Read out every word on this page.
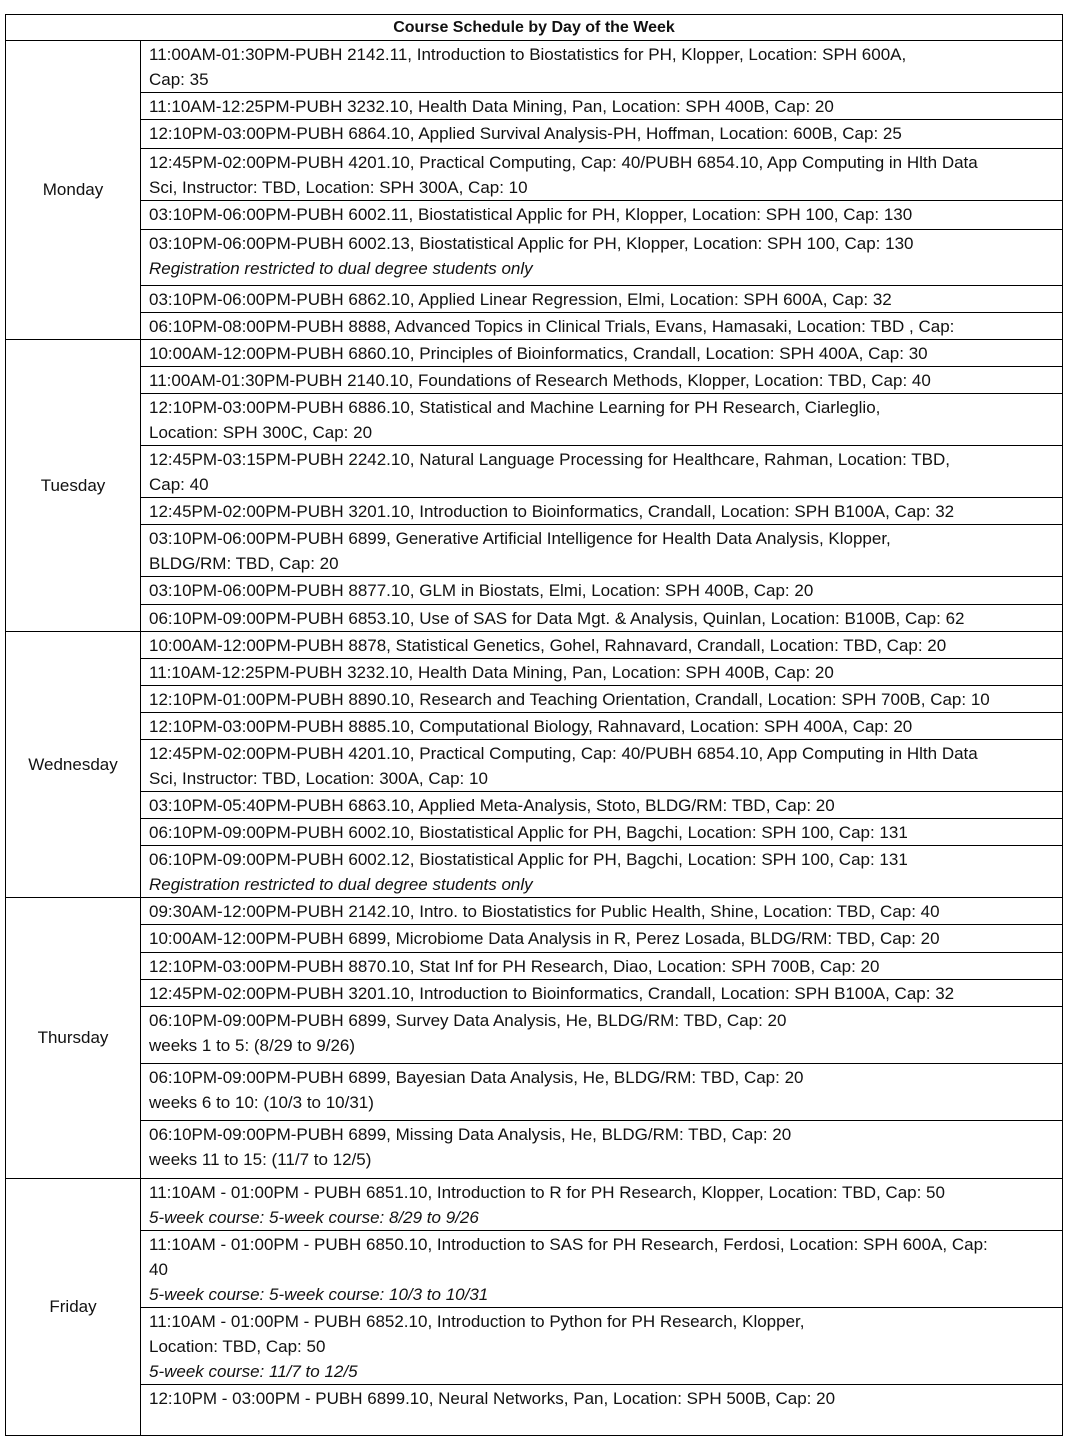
Course Schedule by Day of the Week	
Monday	11:00AM-01:30PM-PUBH 2142.11, Introduction to Biostatistics for PH, Klopper, Location: SPH 600A,
Cap: 35

	11:10AM-12:25PM-PUBH 3232.10, Health Data Mining, Pan, Location: SPH 400B, Cap: 20

	12:10PM-03:00PM-PUBH 6864.10, Applied Survival Analysis-PH, Hoffman, Location: 600B, Cap: 25

	12:45PM-02:00PM-PUBH 4201.10, Practical Computing, Cap: 40/PUBH 6854.10, App Computing in Hlth Data
Sci, Instructor: TBD, Location: SPH 300A, Cap: 10

	03:10PM-06:00PM-PUBH 6002.11, Biostatistical Applic for PH, Klopper, Location: SPH 100, Cap: 130

	03:10PM-06:00PM-PUBH 6002.13, Biostatistical Applic for PH, Klopper, Location: SPH 100, Cap: 130
Registration restricted to dual degree students only

	03:10PM-06:00PM-PUBH 6862.10, Applied Linear Regression, Elmi, Location: SPH 600A, Cap: 32

	06:10PM-08:00PM-PUBH 8888, Advanced Topics in Clinical Trials, Evans, Hamasaki, Location: TBD , Cap:

Tuesday	10:00AM-12:00PM-PUBH 6860.10, Principles of Bioinformatics, Crandall, Location: SPH 400A, Cap: 30

	11:00AM-01:30PM-PUBH 2140.10, Foundations of Research Methods, Klopper, Location: TBD, Cap: 40

	12:10PM-03:00PM-PUBH 6886.10, Statistical and Machine Learning for PH Research, Ciarleglio,
Location: SPH 300C, Cap: 20

	12:45PM-03:15PM-PUBH 2242.10, Natural Language Processing for Healthcare, Rahman, Location: TBD,
Cap: 40

	12:45PM-02:00PM-PUBH 3201.10, Introduction to Bioinformatics, Crandall, Location: SPH B100A, Cap: 32

	03:10PM-06:00PM-PUBH 6899, Generative Artificial Intelligence for Health Data Analysis, Klopper,
BLDG/RM: TBD, Cap: 20

	03:10PM-06:00PM-PUBH 8877.10, GLM in Biostats, Elmi, Location: SPH 400B, Cap: 20

	06:10PM-09:00PM-PUBH 6853.10, Use of SAS for Data Mgt. & Analysis, Quinlan, Location: B100B, Cap: 62

Wednesday	10:00AM-12:00PM-PUBH 8878, Statistical Genetics, Gohel, Rahnavard, Crandall, Location: TBD, Cap: 20

	11:10AM-12:25PM-PUBH 3232.10, Health Data Mining, Pan, Location: SPH 400B, Cap: 20

	12:10PM-01:00PM-PUBH 8890.10, Research and Teaching Orientation, Crandall, Location: SPH 700B, Cap: 10

	12:10PM-03:00PM-PUBH 8885.10, Computational Biology, Rahnavard, Location: SPH 400A, Cap: 20

	12:45PM-02:00PM-PUBH 4201.10, Practical Computing, Cap: 40/PUBH 6854.10, App Computing in Hlth Data
Sci, Instructor: TBD, Location: 300A, Cap: 10

	03:10PM-05:40PM-PUBH 6863.10, Applied Meta-Analysis, Stoto, BLDG/RM: TBD, Cap: 20

	06:10PM-09:00PM-PUBH 6002.10, Biostatistical Applic for PH, Bagchi, Location: SPH 100, Cap: 131

	06:10PM-09:00PM-PUBH 6002.12, Biostatistical Applic for PH, Bagchi, Location: SPH 100, Cap: 131
Registration restricted to dual degree students only

Thursday	09:30AM-12:00PM-PUBH 2142.10, Intro. to Biostatistics for Public Health, Shine, Location: TBD, Cap: 40

	10:00AM-12:00PM-PUBH 6899, Microbiome Data Analysis in R, Perez Losada, BLDG/RM: TBD, Cap: 20

	12:10PM-03:00PM-PUBH 8870.10, Stat Inf for PH Research, Diao, Location: SPH 700B, Cap: 20

	12:45PM-02:00PM-PUBH 3201.10, Introduction to Bioinformatics, Crandall, Location: SPH B100A, Cap: 32

	06:10PM-09:00PM-PUBH 6899, Survey Data Analysis, He, BLDG/RM: TBD, Cap: 20
weeks 1 to 5: (8/29 to 9/26)

	06:10PM-09:00PM-PUBH 6899, Bayesian Data Analysis, He, BLDG/RM: TBD, Cap: 20
weeks 6 to 10: (10/3 to 10/31)

	06:10PM-09:00PM-PUBH 6899, Missing Data Analysis, He, BLDG/RM: TBD, Cap: 20
weeks 11 to 15: (11/7 to 12/5)

Friday	11:10AM - 01:00PM - PUBH 6851.10, Introduction to R for PH Research, Klopper, Location: TBD, Cap: 50
5-week course: 5-week course: 8/29 to 9/26

	11:10AM - 01:00PM - PUBH 6850.10, Introduction to SAS for PH Research, Ferdosi, Location: SPH 600A, Cap:
40
5-week course: 5-week course: 10/3 to 10/31

	11:10AM - 01:00PM - PUBH 6852.10, Introduction to Python for PH Research, Klopper,
Location: TBD, Cap: 50
5-week course: 11/7 to 12/5

	12:10PM - 03:00PM - PUBH 6899.10, Neural Networks, Pan, Location: SPH 500B, Cap: 20
